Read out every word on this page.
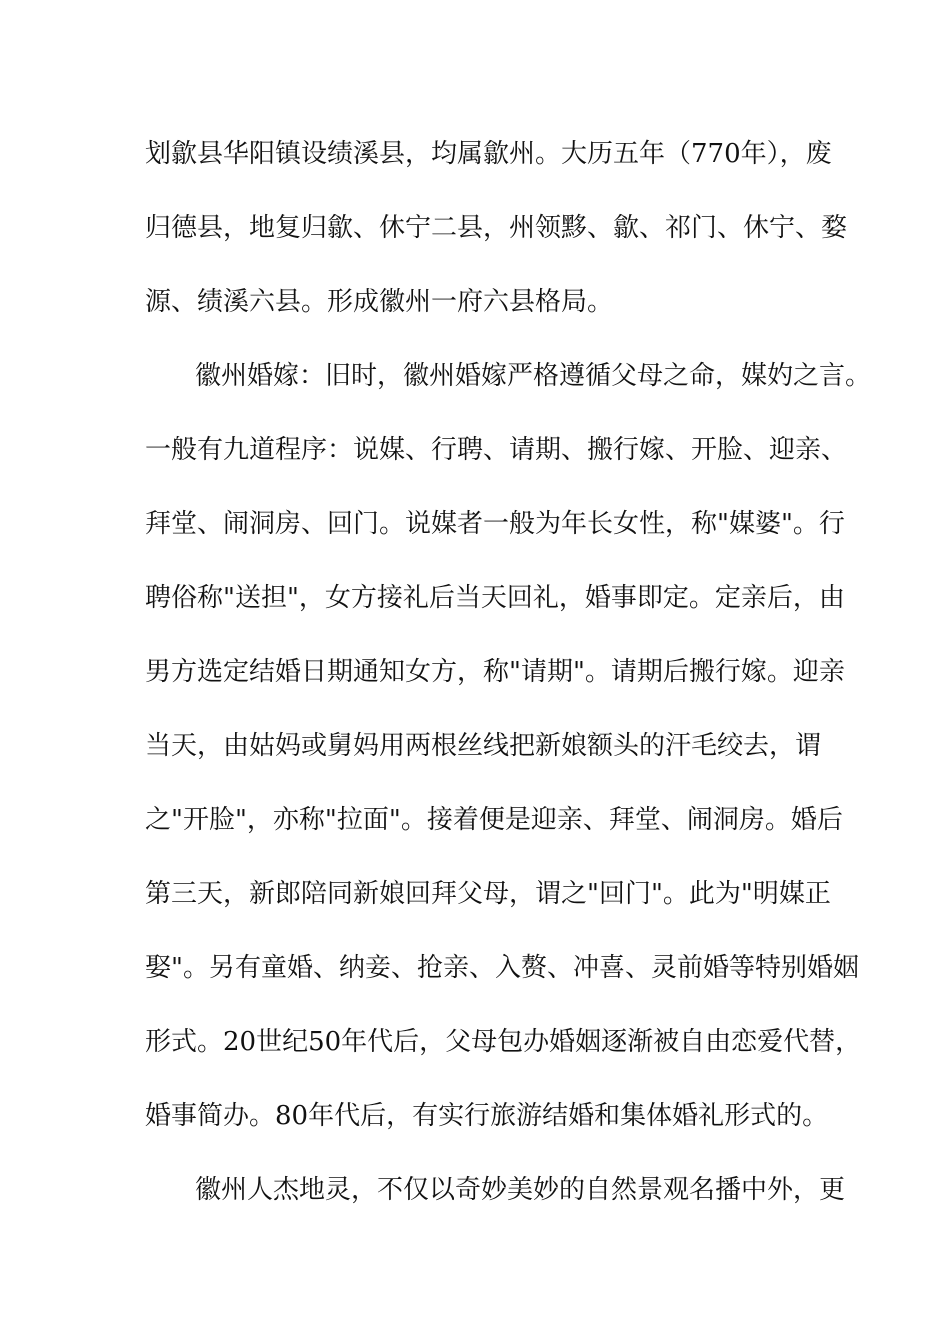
划歙县华阳镇设绩溪县，均属歙州。大历五年（770年），废
归德县，地复归歙、休宁二县，州领黟、歙、祁门、休宁、婺
源、绩溪六县。形成徽州一府六县格局。
徽州婚嫁：旧时，徽州婚嫁严格遵循父母之命，媒妁之言。
一般有九道程序：说媒、行聘、请期、搬行嫁、开脸、迎亲、
拜堂、闹洞房、回门。说媒者一般为年长女性，称"媒婆"。行
聘俗称"送担"，女方接礼后当天回礼，婚事即定。定亲后，由
男方选定结婚日期通知女方，称"请期"。请期后搬行嫁。迎亲
当天，由姑妈或舅妈用两根丝线把新娘额头的汗毛绞去，谓
之"开脸"，亦称"拉面"。接着便是迎亲、拜堂、闹洞房。婚后
第三天，新郎陪同新娘回拜父母，谓之"回门"。此为"明媒正
娶"。另有童婚、纳妾、抢亲、入赘、冲喜、灵前婚等特别婚姻
形式。20世纪50年代后，父母包办婚姻逐渐被自由恋爱代替，
婚事简办。80年代后，有实行旅游结婚和集体婚礼形式的。
徽州人杰地灵，不仅以奇妙美妙的自然景观名播中外，更
